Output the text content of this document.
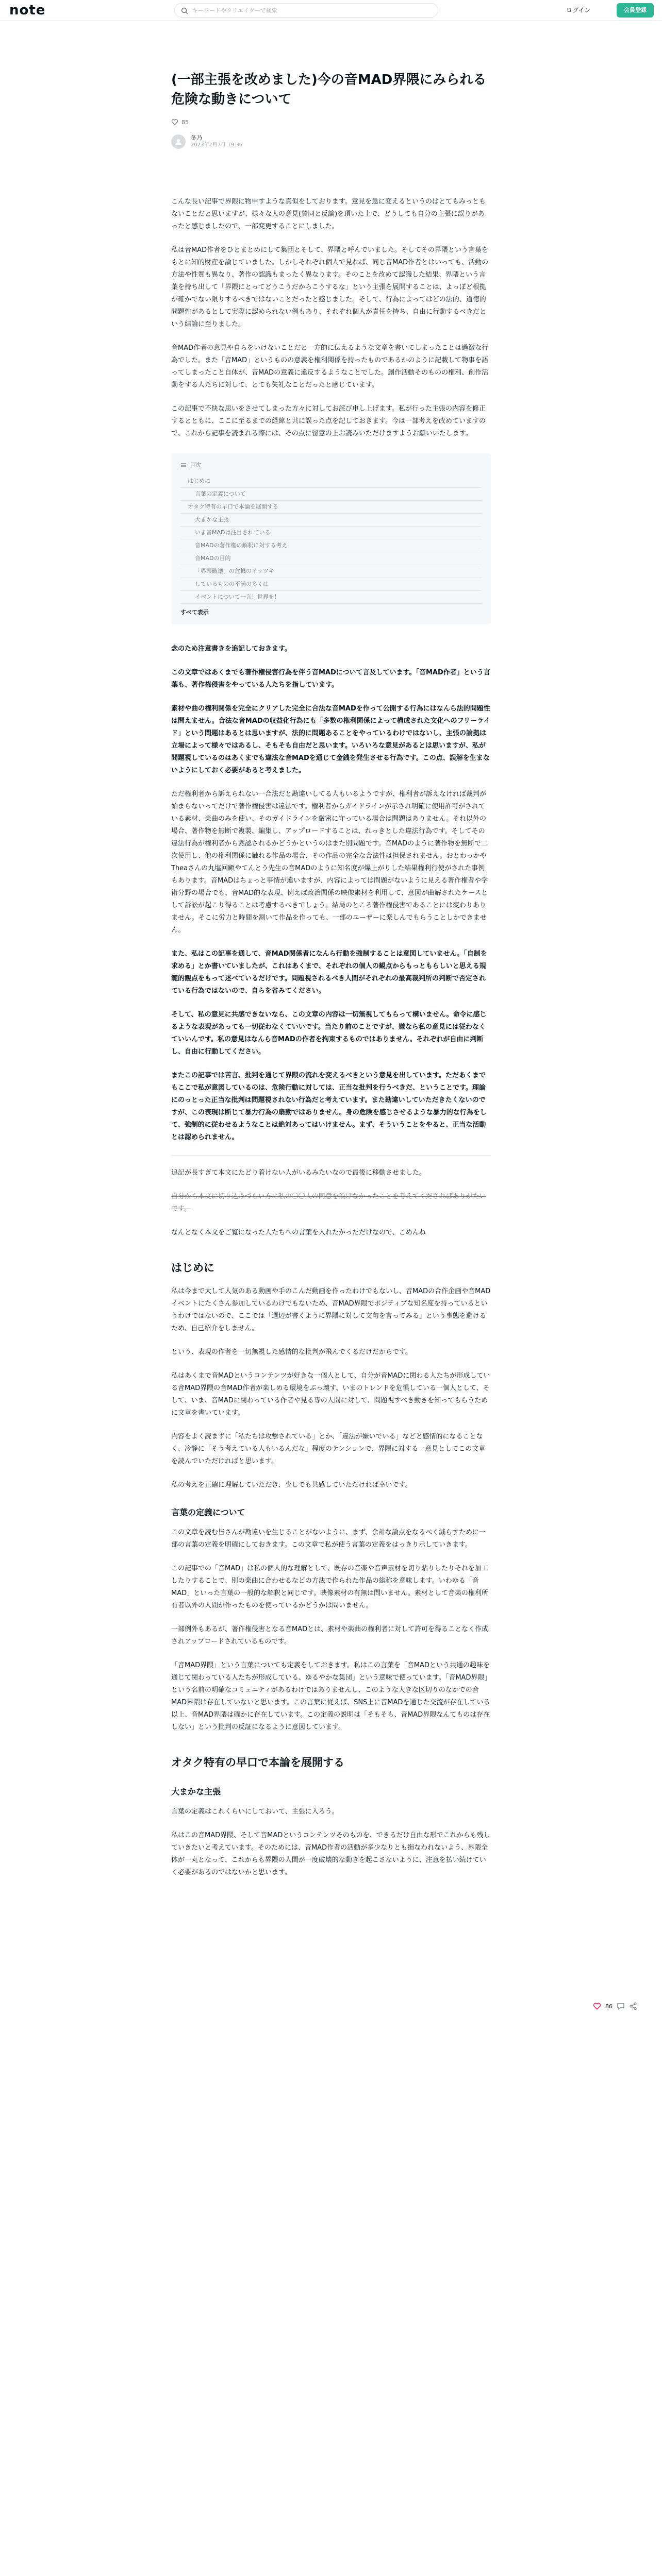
note
キーワードやクリエイターで検索	ログイン	会員登録
(一部主張を改めました)今の音MAD界隈にみられる危険な動きについて
85
冬乃
2023年2月7日 19:36

こんな長い記事で界隈に物申すような真似をしております。意見を急に変えるというのはとてもみっともないことだと思いますが、様々な人の意見(賛同と反論)を頂いた上で、どうしても自分の主張に誤りがあったと感じましたので、一部変更することにしました。

私は音MAD作者をひとまとめにして集団とそして、界隈と呼んでいました。そしてその界隈という言葉をもとに知的財産を論じていました。しかしそれぞれ個人で見れば、同じ音MAD作者とはいっても、活動の方法や性質も異なり、著作の認識もまったく異なります。そのことを改めて認識した結果、界隈という言葉を持ち出して「界隈にとってどうこうだからこうするな」という主張を展開することは、よっぽど根拠が確かでない限りするべきではないことだったと感じました。そして、行為によってはどの法的、道徳的問題性があるとして実際に認められない例もあり、それぞれ個人が責任を持ち、自由に行動するべきだという結論に至りました。

音MAD作者の意見や自らをいけないことだと一方的に伝えるような文章を書いてしまったことは過激な行為でした。また「音MAD」というものの意義を権利関係を持ったものであるかのように記載して物事を語ってしまったこと自体が、音MADの意義に違反するようなことでした。創作活動そのものの権利、創作活動をする人たちに対して、とても失礼なことだったと感じています。

この記事で不快な思いをさせてしまった方々に対してお詫び申し上げます。私が行った主張の内容を修正するとともに、ここに至るまでの経緯と共に誤った点を記しておきます。今は一部考えを改めていますので、これから記事を読まれる際には、その点に留意の上お読みいただけますようお願いいたします。

目次
はじめに
言葉の定義について
オタク特有の早口で本論を展開する
大まかな主張
いま音MADは注目されている
音MADの著作権の解釈に対する考え
音MADの目的
「界隈破壊」の危機のイッツキ
しているものの不満の多くは
イベントについて一言！世界を！
すべて表示

念のため注意書きを追記しておきます。

この文章ではあくまでも著作権侵害行為を伴う音MADについて言及しています。「音MAD作者」という言葉も、著作権侵害をやっている人たちを指しています。

素材や曲の権利関係を完全にクリアした完全に合法な音MADを作って公開する行為にはなんら法的問題性は問えません。合法な音MADの収益化行為にも「多数の権利関係によって構成された文化へのフリーライド」という問題はあるとは思いますが、法的に問題あることをやっているわけではないし、主張の論拠は立場によって様々ではあるし、そもそも自由だと思います。いろいろな意見があるとは思いますが、私が問題視しているのはあくまでも違法な音MADを通じて金銭を発生させる行為です。この点、誤解を生まないようにしておく必要があると考えました。

ただ権利者から訴えられない一合法だと勘違いしてる人もいるようですが、権利者が訴えなければ裁判が始まらないってだけで著作権侵害は違法です。権利者からガイドラインが示され明確に使用許可がされている素材、楽曲のみを使い、そのガイドラインを厳密に守っている場合は問題はありません。それ以外の場合、著作物を無断で複製、編集し、アップロードすることは、れっきとした違法行為です。そしてその違法行為が権利者から黙認されるかどうかというのはまた別問題です。音MADのように著作物を無断で二次使用し、他の権利関係に触れる作品の場合、その作品の完全な合法性は担保されません。おとわっかやTheaさんの丸塩回顧やてんとう先生の音MADのように知名度が爆上がりした結果権利行使がされた事例もあります。音MADはちょっと事情が違いますが、内容によっては問題がないように見える著作権者や学術分野の場合でも、音MAD的な表現、例えば政治関係の映像素材を利用して、意図が曲解されたケースとして訴訟が起こり得ることは考慮するべきでしょう。結局のところ著作権侵害であることには変わりありません。そこに労力と時間を割いて作品を作っても、一部のユーザーに楽しんでもらうことしかできません。

また、私はこの記事を通して、音MAD関係者になんら行動を強制することは意図していません。「自制を求める」とか書いていましたが、これはあくまで、それぞれの個人の観点からもっともらしいと思える規範的観点をもって述べているだけです。問題視されるべき人間がそれぞれの最高裁判所の判断で否定されている行為ではないので、自らを省みてください。

そして、私の意見に共感できないなら、この文章の内容は一切無視してもらって構いません。命令に感じるような表現があっても一切従わなくていいです。当たり前のことですが、嫌なら私の意見には従わなくていいんです。私の意見はなんら音MADの作者を拘束するものではありません。それぞれが自由に判断し、自由に行動してください。

またこの記事では苦言、批判を通じて界隈の流れを変えるべきという意見を出しています。ただあくまでもここで私が意図しているのは、危険行動に対しては、正当な批判を行うべきだ、ということです。理論にのっとった正当な批判は問題視されない行為だと考えています。また勘違いしていただきたくないのですが、この表現は断じて暴力行為の扇動ではありません。身の危険を感じさせるような暴力的な行為をして、強制的に従わせるようなことは絶対あってはいけません。まず、そういうことをやると、正当な活動とは認められません。

追記が長すぎて本文にたどり着けない人がいるみたいなので最後に移動させました。

自分から本文に切り込みづらい方に私の〇〇人の同意を頂けなかったことを考えてくださればありがたいです。

なんとなく本文をご覧になった人たちへの言葉を入れたかっただけなので、ごめんね

はじめに

私は今まで大して人気のある動画や手のこんだ動画を作ったわけでもないし、音MADの合作企画や音MADイベントにたくさん参加しているわけでもないため、音MAD界隈でポジティブな知名度を持っているというわけではないので、ここでは「週辺が書くように界隈に対して文句を言ってみる」という事態を避けるため、自己紹介をしません。

という、表現の作者を一切無視した感情的な批判が飛んでくるだけだからです。

私はあくまで音MADというコンテンツが好きな一個人として、自分が音MADに関わる人たちが形成している音MAD界隈の音MAD作者が楽しめる環境をぶっ壊す、いまのトレンドを危惧している一個人として、そして、いま、音MADに関わっている作者や見る専の人間に対して、問題視すべき動きを知ってもらうために文章を書いています。

内容をよく読まずに「私たちは攻撃されている」とか、「違法が嫌いでいる」などと感情的になることなく、冷静に「そう考えている人もいるんだな」程度のテンションで、界隈に対する一意見としてこの文章を読んでいただければと思います。

私の考えを正確に理解していただき、少しでも共感していただければ幸いです。

言葉の定義について

この文章を読む皆さんが勘違いを生じることがないように、まず、余計な論点をなるべく減らすために一部の言葉の定義を明確にしておきます。この文章で私が使う言葉の定義をはっきり示していきます。

この記事での「音MAD」は私の個人的な理解として、既存の音楽や音声素材を切り貼りしたりそれを加工したりすることで、別の楽曲に合わせるなどの方法で作られた作品の総称を意味します。いわゆる「音MAD」といった言葉の一般的な解釈と同じです。映像素材の有無は問いません。素材として音楽の権利所有者以外の人間が作ったものを使っているかどうかは問いません。

一部例外もあるが、著作権侵害となる音MADとは、素材や楽曲の権利者に対して許可を得ることなく作成されアップロードされているものです。

「音MAD界隈」という言葉についても定義をしておきます。私はこの言葉を「音MADという共通の趣味を通じて関わっている人たちが形成している、ゆるやかな集団」という意味で使っています。「音MAD界隈」という名前の明確なコミュニティがあるわけではありませんし、このような大きな区切りのなかでの音MAD界隈は存在していないと思います。この言葉に従えば、SNS上に音MADを通じた交流が存在している以上、音MAD界隈は確かに存在しています。この定義の説明は「そもそも、音MAD界隈なんてものは存在しない」という批判の反証になるように意図しています。

オタク特有の早口で本論を展開する
大まかな主張

言葉の定義はこれくらいにしておいて、主張に入ろう。

私はこの音MAD界隈、そして音MADというコンテンツそのものを、できるだけ自由な形でこれからも残していきたいと考えています。そのためには、音MAD作者の活動が多少なりとも損なわれないよう、界隈全体が一丸となって、これからも界隈の人間が一度破壊的な動きを起こさないように、注意を払い続けていく必要があるのではないかと思います。

86
